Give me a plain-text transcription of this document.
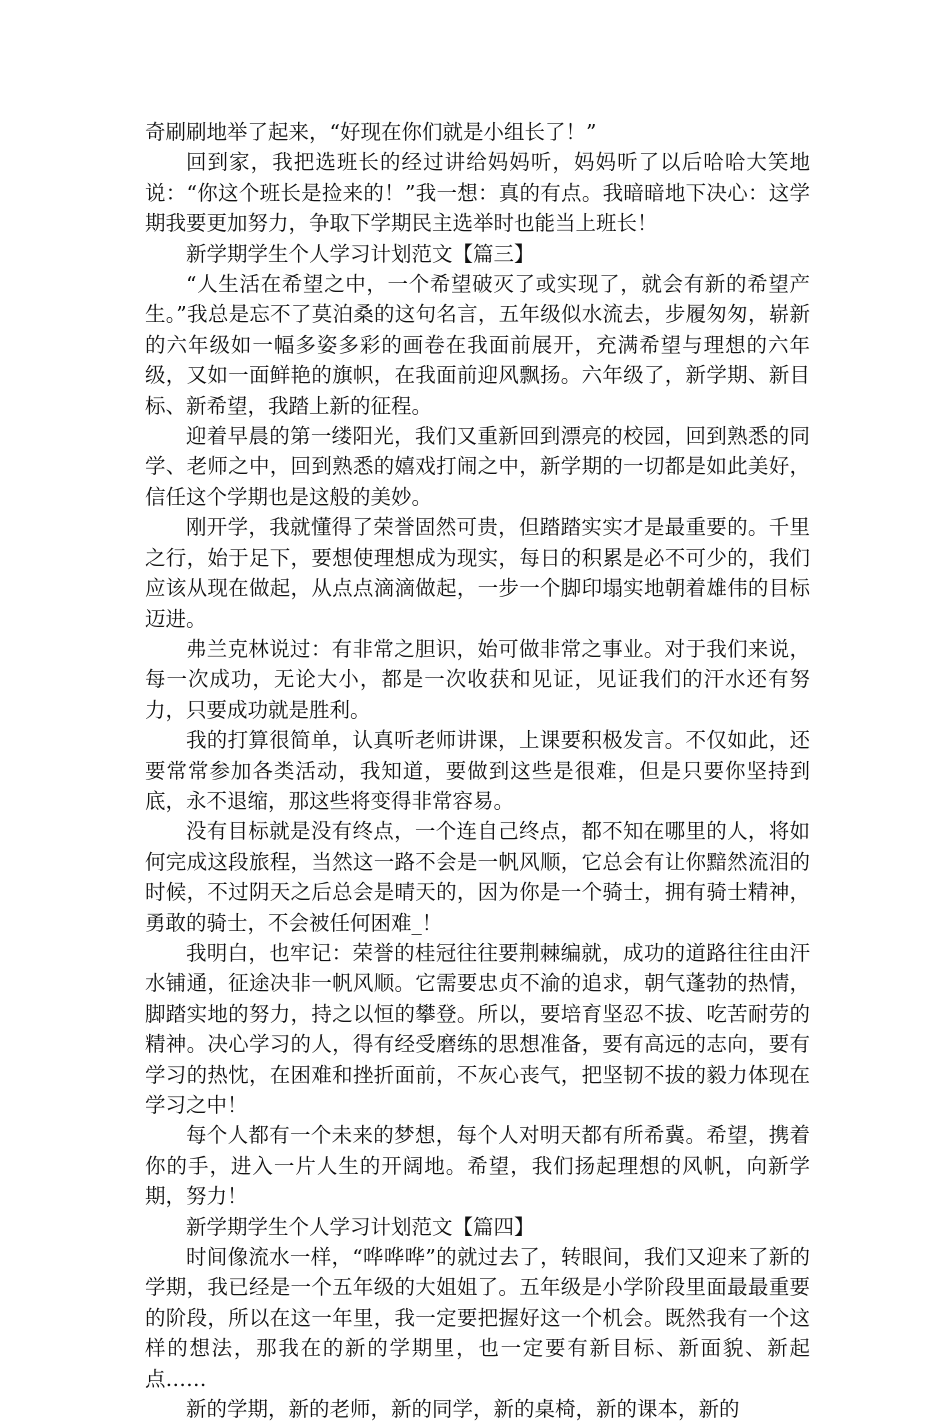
奇刷刷地举了起来，“好现在你们就是小组长了！”

回到家，我把选班长的经过讲给妈妈听，妈妈听了以后哈哈大笑地说：“你这个班长是捡来的！”我一想：真的有点。我暗暗地下决心：这学期我要更加努力，争取下学期民主选举时也能当上班长！

新学期学生个人学习计划范文【篇三】

“人生活在希望之中，一个希望破灭了或实现了，就会有新的希望产生。”我总是忘不了莫泊桑的这句名言，五年级似水流去，步履匆匆，崭新的六年级如一幅多姿多彩的画卷在我面前展开，充满希望与理想的六年级，又如一面鲜艳的旗帜，在我面前迎风飘扬。六年级了，新学期、新目标、新希望，我踏上新的征程。

迎着早晨的第一缕阳光，我们又重新回到漂亮的校园，回到熟悉的同学、老师之中，回到熟悉的嬉戏打闹之中，新学期的一切都是如此美好，信任这个学期也是这般的美妙。

刚开学，我就懂得了荣誉固然可贵，但踏踏实实才是最重要的。千里之行，始于足下，要想使理想成为现实，每日的积累是必不可少的，我们应该从现在做起，从点点滴滴做起，一步一个脚印塌实地朝着雄伟的目标迈进。

弗兰克林说过：有非常之胆识，始可做非常之事业。对于我们来说，每一次成功，无论大小，都是一次收获和见证，见证我们的汗水还有努力，只要成功就是胜利。

我的打算很简单，认真听老师讲课，上课要积极发言。不仅如此，还要常常参加各类活动，我知道，要做到这些是很难，但是只要你坚持到底，永不退缩，那这些将变得非常容易。

没有目标就是没有终点，一个连自己终点，都不知在哪里的人，将如何完成这段旅程，当然这一路不会是一帆风顺，它总会有让你黯然流泪的时候，不过阴天之后总会是晴天的，因为你是一个骑士，拥有骑士精神，勇敢的骑士，不会被任何困难_！

我明白，也牢记：荣誉的桂冠往往要荆棘编就，成功的道路往往由汗水铺通，征途决非一帆风顺。它需要忠贞不渝的追求，朝气蓬勃的热情，脚踏实地的努力，持之以恒的攀登。所以，要培育坚忍不拔、吃苦耐劳的精神。决心学习的人，得有经受磨练的思想准备，要有高远的志向，要有学习的热忱，在困难和挫折面前，不灰心丧气，把坚韧不拔的毅力体现在学习之中！

每个人都有一个未来的梦想，每个人对明天都有所希冀。希望，携着你的手，进入一片人生的开阔地。希望，我们扬起理想的风帆，向新学期，努力！

新学期学生个人学习计划范文【篇四】

时间像流水一样，“哗哗哗”的就过去了，转眼间，我们又迎来了新的学期，我已经是一个五年级的大姐姐了。五年级是小学阶段里面最最重要的阶段，所以在这一年里，我一定要把握好这一个机会。既然我有一个这样的想法，那我在的新的学期里，也一定要有新目标、新面貌、新起点……

新的学期，新的老师，新的同学，新的桌椅，新的课本，新的
